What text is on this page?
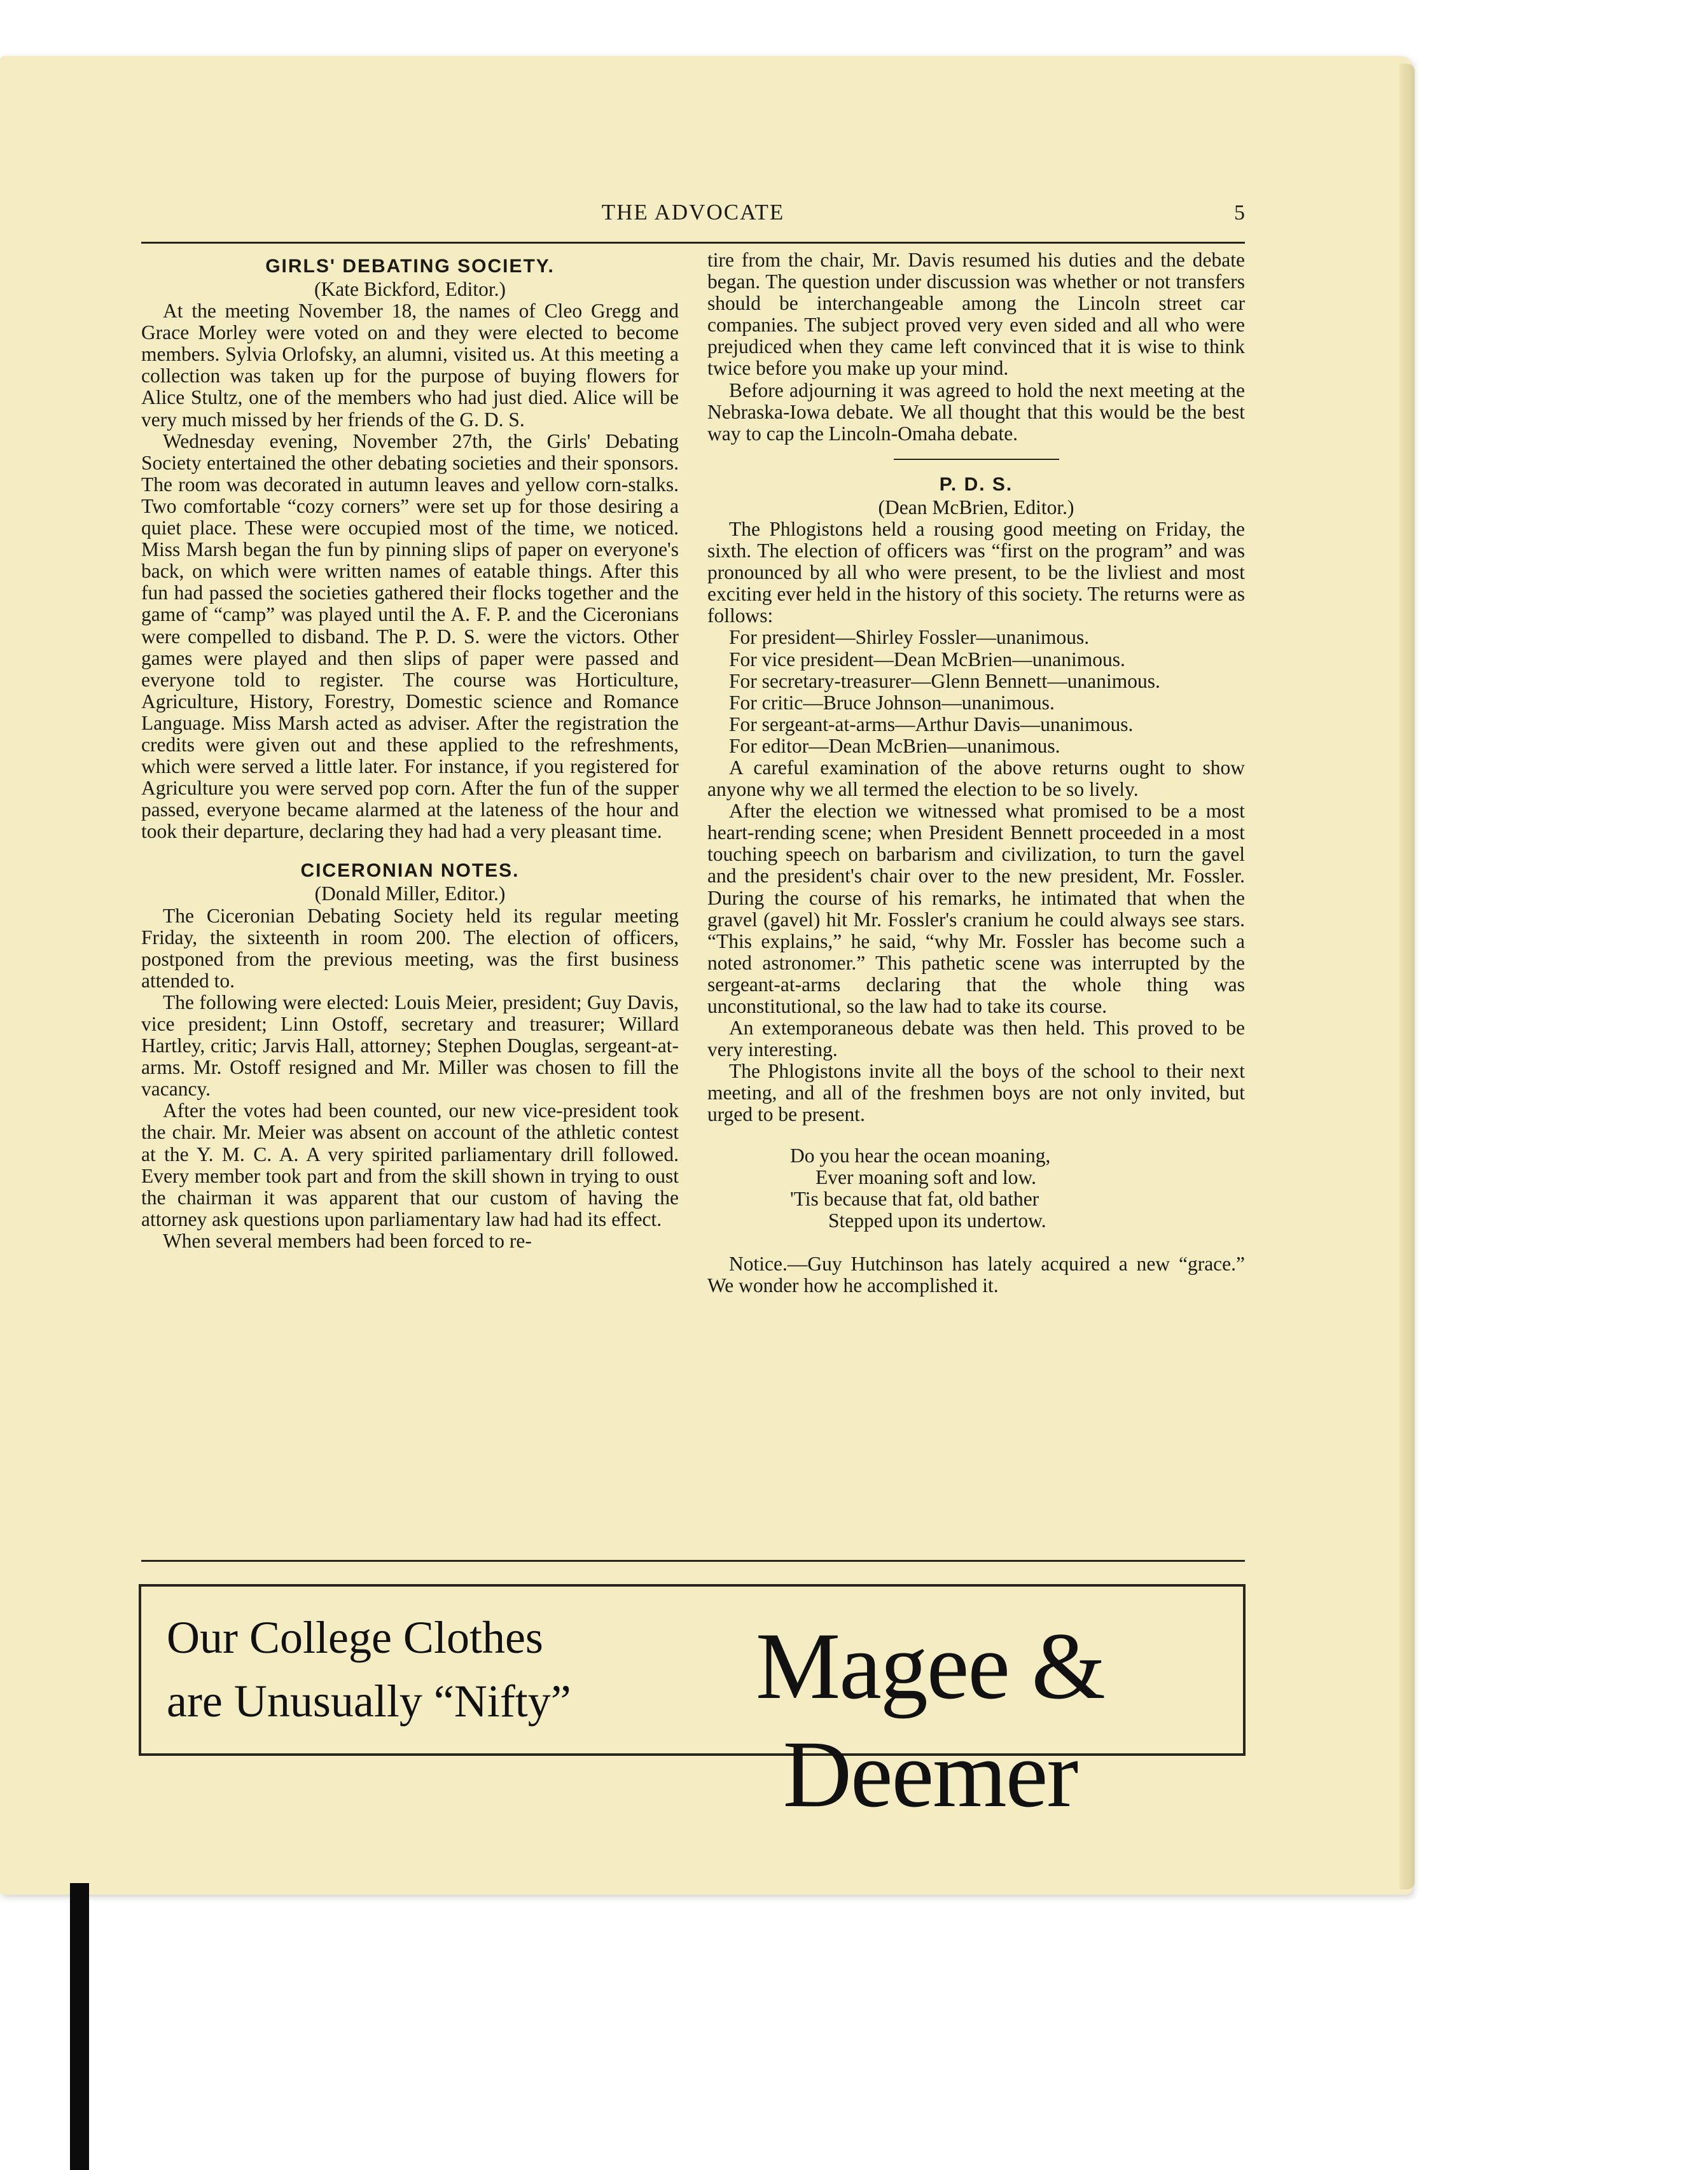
THE ADVOCATE	5
GIRLS' DEBATING SOCIETY.
(Kate Bickford, Editor.)

At the meeting November 18, the names of Cleo Gregg and Grace Morley were voted on and they were elected to become members. Sylvia Orlofsky, an alumni, visited us. At this meeting a collection was taken up for the purpose of buying flowers for Alice Stultz, one of the members who had just died. Alice will be very much missed by her friends of the G. D. S.

Wednesday evening, November 27th, the Girls' Debating Society entertained the other debating societies and their sponsors. The room was decorated in autumn leaves and yellow corn-stalks. Two comfortable “cozy corners” were set up for those desiring a quiet place. These were occupied most of the time, we noticed. Miss Marsh began the fun by pinning slips of paper on everyone's back, on which were written names of eatable things. After this fun had passed the societies gathered their flocks together and the game of “camp” was played until the A. F. P. and the Ciceronians were compelled to disband. The P. D. S. were the victors. Other games were played and then slips of paper were passed and everyone told to register. The course was Horticulture, Agriculture, History, Forestry, Domestic science and Romance Language. Miss Marsh acted as adviser. After the registration the credits were given out and these applied to the refreshments, which were served a little later. For instance, if you registered for Agriculture you were served pop corn. After the fun of the supper passed, everyone became alarmed at the lateness of the hour and took their departure, declaring they had had a very pleasant time.

CICERONIAN NOTES.
(Donald Miller, Editor.)

The Ciceronian Debating Society held its regular meeting Friday, the sixteenth in room 200. The election of officers, postponed from the previous meeting, was the first business attended to.

The following were elected: Louis Meier, president; Guy Davis, vice president; Linn Ostoff, secretary and treasurer; Willard Hartley, critic; Jarvis Hall, attorney; Stephen Douglas, sergeant-at-arms. Mr. Ostoff resigned and Mr. Miller was chosen to fill the vacancy.

After the votes had been counted, our new vice-president took the chair. Mr. Meier was absent on account of the athletic contest at the Y. M. C. A. A very spirited parliamentary drill followed. Every member took part and from the skill shown in trying to oust the chairman it was apparent that our custom of having the attorney ask questions upon parliamentary law had had its effect.

When several members had been forced to re-

tire from the chair, Mr. Davis resumed his duties and the debate began. The question under discussion was whether or not transfers should be interchangeable among the Lincoln street car companies. The subject proved very even sided and all who were prejudiced when they came left convinced that it is wise to think twice before you make up your mind.

Before adjourning it was agreed to hold the next meeting at the Nebraska-Iowa debate. We all thought that this would be the best way to cap the Lincoln-Omaha debate.

P. D. S.
(Dean McBrien, Editor.)

The Phlogistons held a rousing good meeting on Friday, the sixth. The election of officers was “first on the program” and was pronounced by all who were present, to be the livliest and most exciting ever held in the history of this society. The returns were as follows:

For president—Shirley Fossler—unanimous.

For vice president—Dean McBrien—unanimous.

For secretary-treasurer—Glenn Bennett—unanimous.

For critic—Bruce Johnson—unanimous.

For sergeant-at-arms—Arthur Davis—unanimous.

For editor—Dean McBrien—unanimous.

A careful examination of the above returns ought to show anyone why we all termed the election to be so lively.

After the election we witnessed what promised to be a most heart-rending scene; when President Bennett proceeded in a most touching speech on barbarism and civilization, to turn the gavel and the president's chair over to the new president, Mr. Fossler. During the course of his remarks, he intimated that when the gravel (gavel) hit Mr. Fossler's cranium he could always see stars. “This explains,” he said, “why Mr. Fossler has become such a noted astronomer.” This pathetic scene was interrupted by the sergeant-at-arms declaring that the whole thing was unconstitutional, so the law had to take its course.

An extemporaneous debate was then held. This proved to be very interesting.

The Phlogistons invite all the boys of the school to their next meeting, and all of the freshmen boys are not only invited, but urged to be present.

Do you hear the ocean moaning,
Ever moaning soft and low.
'Tis because that fat, old bather
Stepped upon its undertow.

Notice.—Guy Hutchinson has lately acquired a new “grace.” We wonder how he accomplished it.

Our College Clothes
are Unusually “Nifty”	Magee & Deemer
